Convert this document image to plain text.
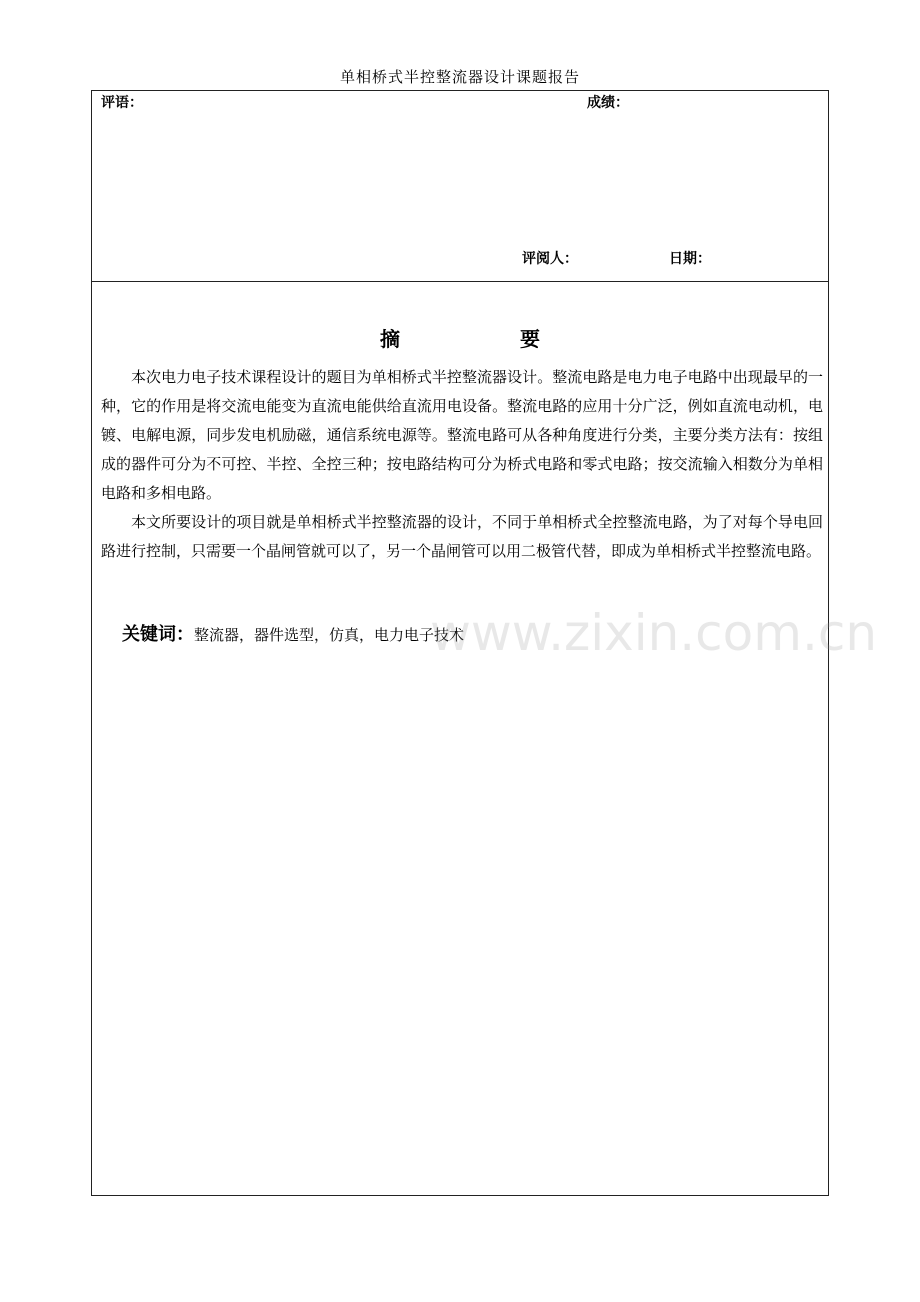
单相桥式半控整流器设计课题报告
评语：	成绩：
评阅人：	日期：
摘　　　　　　要

本次电力电子技术课程设计的题目为单相桥式半控整流器设计。整流电路是电力电子电路中出现最早的一种，它的作用是将交流电能变为直流电能供给直流用电设备。整流电路的应用十分广泛，例如直流电动机，电镀、电解电源，同步发电机励磁，通信系统电源等。整流电路可从各种角度进行分类，主要分类方法有：按组成的器件可分为不可控、半控、全控三种；按电路结构可分为桥式电路和零式电路；按交流输入相数分为单相电路和多相电路。

本文所要设计的项目就是单相桥式半控整流器的设计，不同于单相桥式全控整流电路，为了对每个导电回路进行控制，只需要一个晶闸管就可以了，另一个晶闸管可以用二极管代替，即成为单相桥式半控整流电路。

关键词：整流器，器件选型，仿真，电力电子技术
www.zixin.com.cn
